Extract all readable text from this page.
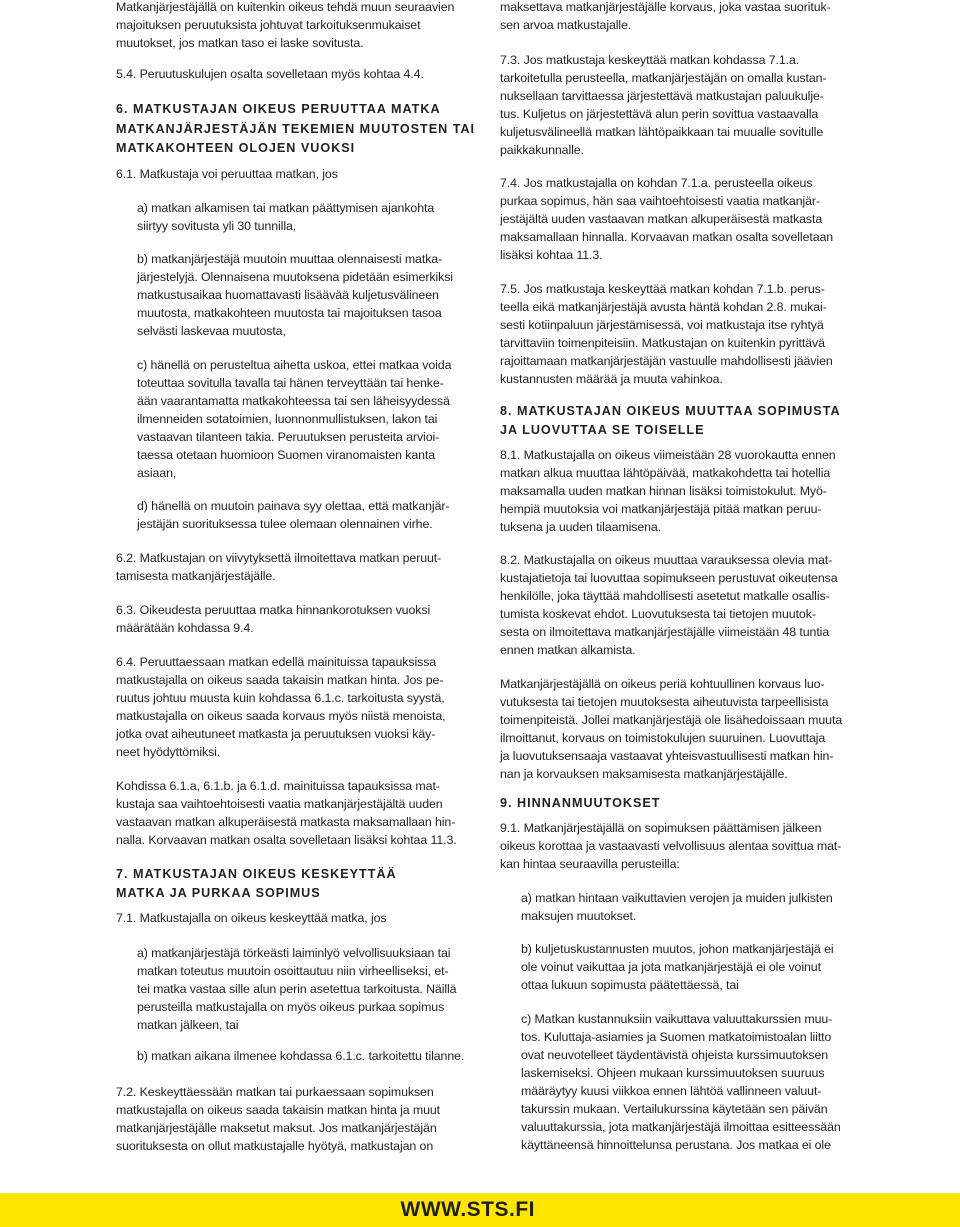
Matkanjärjestäjällä on kuitenkin oikeus tehdä muun seuraavien
majoituksen peruutuksista johtuvat tarkoituksenmukaiset
muutokset, jos matkan taso ei laske sovitusta.
5.4. Peruutuskulujen osalta sovelletaan myös kohtaa 4.4.
6. MATKUSTAJAN OIKEUS PERUUTTAA MATKA
MATKANJÄRJESTÄJÄN TEKEMIEN MUUTOSTEN TAI
MATKAKOHTEEN OLOJEN VUOKSI
6.1. Matkustaja voi peruuttaa matkan, jos
a) matkan alkamisen tai matkan päättymisen ajankohta
siirtyy sovitusta yli 30 tunnilla,
b) matkanjärjestäjä muutoin muuttaa olennaisesti matka-
järjestelyjä. Olennaisena muutoksena pidetään esimerkiksi
matkustusaikaa huomattavasti lisäävää kuljetusvälineen
muutosta, matkakohteen muutosta tai majoituksen tasoa
selvästi laskevaa muutosta,
c) hänellä on perusteltua aihetta uskoa, ettei matkaa voida
toteuttaa sovitulla tavalla tai hänen terveyttään tai henke-
ään vaarantamatta matkakohteessa tai sen läheisyydessä
ilmenneiden sotatoimien, luonnonmullistuksen, lakon tai
vastaavan tilanteen takia. Peruutuksen perusteita arvioi-
taessa otetaan huomioon Suomen viranomaisten kanta
asiaan,
d) hänellä on muutoin painava syy olettaa, että matkanjär-
jestäjän suorituksessa tulee olemaan olennainen virhe.
6.2. Matkustajan on viivytyksettä ilmoitettava matkan peruut-
tamisesta matkanjärjestäjälle.
6.3. Oikeudesta peruuttaa matka hinnankorotuksen vuoksi
määrätään kohdassa 9.4.
6.4. Peruuttaessaan matkan edellä mainituissa tapauksissa
matkustajalla on oikeus saada takaisin matkan hinta. Jos pe-
ruutus johtuu muusta kuin kohdassa 6.1.c. tarkoitusta syystä,
matkustajalla on oikeus saada korvaus myös niistä menoista,
jotka ovat aiheutuneet matkasta ja peruutuksen vuoksi käy-
neet hyödyttömiksi.
Kohdissa 6.1.a, 6.1.b. ja 6.1.d. mainituissa tapauksissa mat-
kustaja saa vaihtoehtoisesti vaatia matkanjärjestäjältä uuden
vastaavan matkan alkuperäisestä matkasta maksamallaan hin-
nalla. Korvaavan matkan osalta sovelletaan lisäksi kohtaa 11.3.
7. MATKUSTAJAN OIKEUS KESKEYTTÄÄ
MATKA JA PURKAA SOPIMUS
7.1. Matkustajalla on oikeus keskeyttää matka, jos
a) matkanjärjestäjä törkeästi laiminlyö velvollisuuksiaan tai
matkan toteutus muutoin osoittautuu niin virheelliseksi, et-
tei matka vastaa sille alun perin asetettua tarkoitusta. Näillä
perusteilla matkustajalla on myös oikeus purkaa sopimus
matkan jälkeen, tai
b) matkan aikana ilmenee kohdassa 6.1.c. tarkoitettu tilanne.
7.2. Keskeyttäessään matkan tai purkaessaan sopimuksen
matkustajalla on oikeus saada takaisin matkan hinta ja muut
matkanjärjestäjälle maksetut maksut. Jos matkanjärjestäjän
suorituksesta on ollut matkustajalle hyötyä, matkustajan on
maksettava matkanjärjestäjälle korvaus, joka vastaa suorituk-
sen arvoa matkustajalle.
7.3. Jos matkustaja keskeyttää matkan kohdassa 7.1.a.
tarkoitetulla perusteella, matkanjärjestäjän on omalla kustan-
nuksellaan tarvittaessa järjestettävä matkustajan paluukulje-
tus. Kuljetus on järjestettävä alun perin sovittua vastaavalla
kuljetusvälineellä matkan lähtöpaikkaan tai muualle sovitulle
paikkakunnalle.
7.4. Jos matkustajalla on kohdan 7.1.a. perusteella oikeus
purkaa sopimus, hän saa vaihtoehtoisesti vaatia matkanjär-
jestäjältä uuden vastaavan matkan alkuperäisestä matkasta
maksamallaan hinnalla. Korvaavan matkan osalta sovelletaan
lisäksi kohtaa 11.3.
7.5. Jos matkustaja keskeyttää matkan kohdan 7.1.b. perus-
teella eikä matkanjärjestäjä avusta häntä kohdan 2.8. mukai-
sesti kotiinpaluun järjestämisessä, voi matkustaja itse ryhtyä
tarvittaviin toimenpiteisiin. Matkustajan on kuitenkin pyrittävä
rajoittamaan matkanjärjestäjän vastuulle mahdollisesti jäävien
kustannusten määrää ja muuta vahinkoa.
8. MATKUSTAJAN OIKEUS MUUTTAA SOPIMUSTA
JA LUOVUTTAA SE TOISELLE
8.1. Matkustajalla on oikeus viimeistään 28 vuorokautta ennen
matkan alkua muuttaa lähtöpäivää, matkakohdetta tai hotellia
maksamalla uuden matkan hinnan lisäksi toimistokulut. Myö-
hempiä muutoksia voi matkanjärjestäjä pitää matkan peruu-
tuksena ja uuden tilaamisena.
8.2. Matkustajalla on oikeus muuttaa varauksessa olevia mat-
kustajatietoja tai luovuttaa sopimukseen perustuvat oikeutensa
henkilölle, joka täyttää mahdollisesti asetetut matkalle osallis-
tumista koskevat ehdot. Luovutuksesta tai tietojen muutok-
sesta on ilmoitettava matkanjärjestäjälle viimeistään 48 tuntia
ennen matkan alkamista.
Matkanjärjestäjällä on oikeus periä kohtuullinen korvaus luo-
vutuksesta tai tietojen muutoksesta aiheutuvista tarpeellisista
toimenpiteistä. Jollei matkanjärjestäjä ole lisähedoissaan muuta
ilmoittanut, korvaus on toimistokulujen suuruinen. Luovuttaja
ja luovutuksensaaja vastaavat yhteisvastuullisesti matkan hin-
nan ja korvauksen maksamisesta matkanjärjestäjälle.
9. HINNANMUUTOKSET
9.1. Matkanjärjestäjällä on sopimuksen päättämisen jälkeen
oikeus korottaa ja vastaavasti velvollisuus alentaa sovittua mat-
kan hintaa seuraavilla perusteilla:
a) matkan hintaan vaikuttavien verojen ja muiden julkisten
maksujen muutokset.
b) kuljetuskustannusten muutos, johon matkanjärjestäjä ei
ole voinut vaikuttaa ja jota matkanjärjestäjä ei ole voinut
ottaa lukuun sopimusta päätettäessä, tai
c) Matkan kustannuksiin vaikuttava valuuttakurssien muu-
tos. Kuluttaja-asiamies ja Suomen matkatoimistoalan liitto
ovat neuvotelleet täydentävistä ohjeista kurssimuutoksen
laskemiseksi. Ohjeen mukaan kurssimuutoksen suuruus
määräytyy kuusi viikkoa ennen lähtöä vallinneen valuut-
takurssin mukaan. Vertailukurssina käytetään sen päivän
valuuttakurssia, jota matkanjärjestäjä ilmoittaa esitteessään
käyttäneensä hinnoittelunsa perustana. Jos matkaa ei ole
WWW.STS.FI
